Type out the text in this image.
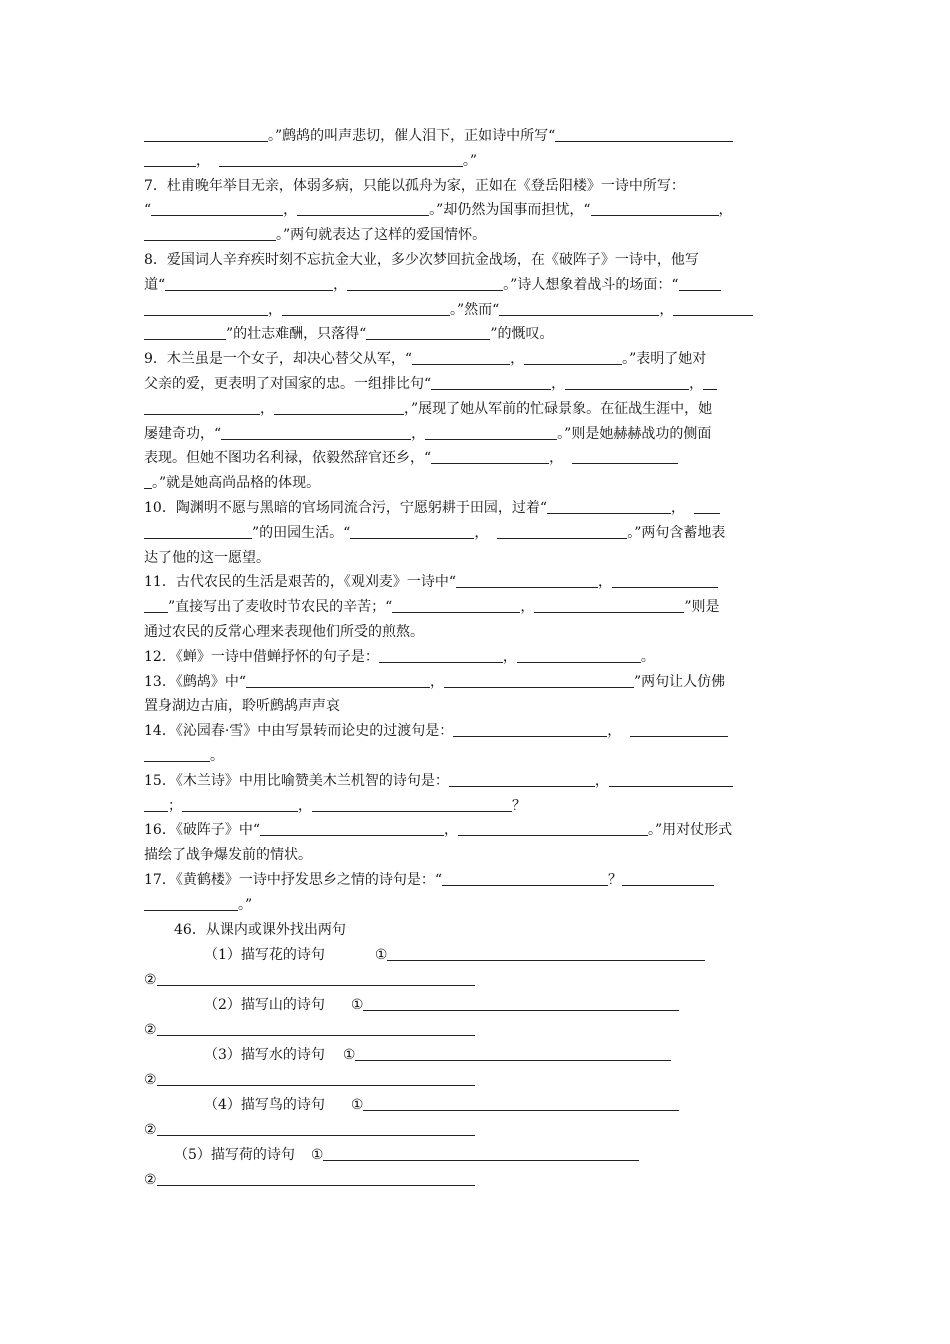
。”鹧鸪的叫声悲切，催人泪下，正如诗中所写“
，	。”
7．杜甫晚年举目无亲，体弱多病，只能以孤舟为家，正如在《登岳阳楼》一诗中所写：
“	，	。”却仍然为国事而担忧，“	，
。”两句就表达了这样的爱国情怀。
8．爱国词人辛弃疾时刻不忘抗金大业，多少次梦回抗金战场，在《破阵子》一诗中，他写
道“	，	。”诗人想象着战斗的场面：“
，	。”然而“	，
”的壮志难酬，只落得“	”的慨叹。
9．木兰虽是一个女子，却决心替父从军，“	，	。”表明了她对
父亲的爱，更表明了对国家的忠。一组排比句“	，	，
，	，”展现了她从军前的忙碌景象。在征战生涯中，她
屡建奇功，“	，	。”则是她赫赫战功的侧面
表现。但她不图功名利禄，依毅然辞官还乡，“	，
。”就是她高尚品格的体现。
10．陶渊明不愿与黑暗的官场同流合污，宁愿躬耕于田园，过着“	，
”的田园生活。“	，	。”两句含蓄地表
达了他的这一愿望。
11．古代农民的生活是艰苦的，《观刈麦》一诗中“	，
”直接写出了麦收时节农民的辛苦；“	，	”则是
通过农民的反常心理来表现他们所受的煎熬。
12．《蝉》一诗中借蝉抒怀的句子是：	，	。
13．《鹧鸪》中“	，	”两句让人仿佛
置身湖边古庙，聆听鹧鸪声声哀
14．《沁园春·雪》中由写景转而论史的过渡句是：	，
。
15．《木兰诗》中用比喻赞美木兰机智的诗句是：	，
；	，	？
16．《破阵子》中“	，	。”用对仗形式
描绘了战争爆发前的情状。
17．《黄鹤楼》一诗中抒发思乡之情的诗句是：“	？
。”
46．从课内或课外找出两句
（1）描写花的诗句	①
②
（2）描写山的诗句 ①
②
（3）描写水的诗句 ①
②
（4）描写鸟的诗句 ①
②
（5）描写荷的诗句 ①
②
